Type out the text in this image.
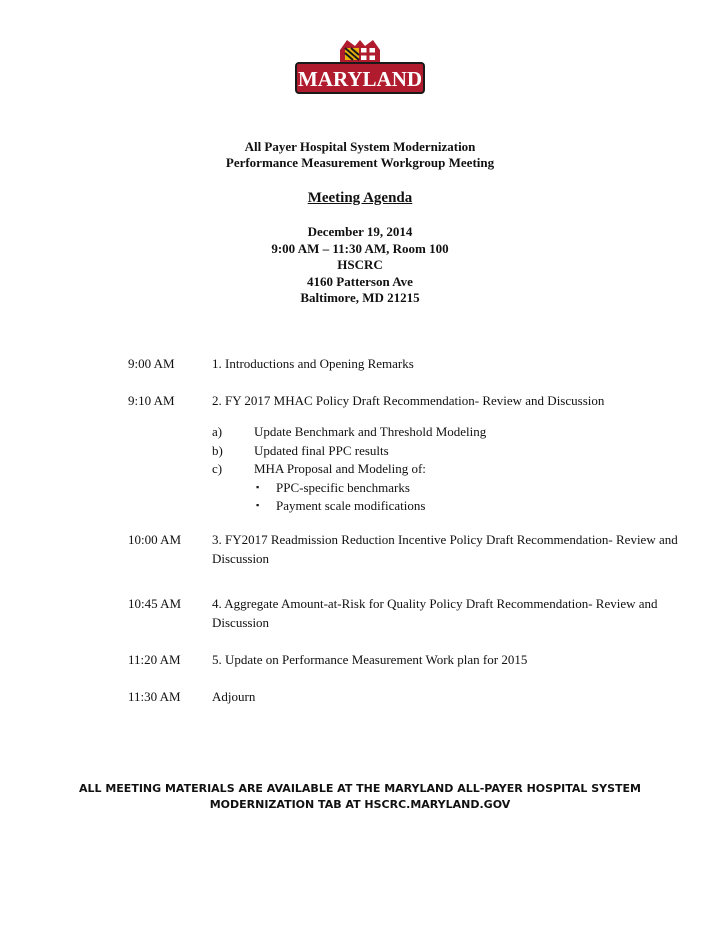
MARYLAND
All Payer Hospital System Modernization
Performance Measurement Workgroup Meeting
Meeting Agenda
December 19, 2014
9:00 AM – 11:30 AM, Room 100
HSCRC
4160 Patterson Ave
Baltimore, MD 21215
9:00 AM	1. Introductions and Opening Remarks
9:10 AM	2. FY 2017 MHAC Policy Draft Recommendation- Review and Discussion
a) Update Benchmark and Threshold Modeling
b) Updated final PPC results
c) MHA Proposal and Modeling of:
▪ PPC-specific benchmarks
▪ Payment scale modifications
10:00 AM 3. FY2017 Readmission Reduction Incentive Policy Draft Recommendation- Review and Discussion
10:45 AM 4. Aggregate Amount-at-Risk for Quality Policy Draft Recommendation- Review and Discussion
11:20 AM 5. Update on Performance Measurement Work plan for 2015
11:30 AM Adjourn
ALL MEETING MATERIALS ARE AVAILABLE AT THE MARYLAND ALL-PAYER HOSPITAL SYSTEM
MODERNIZATION TAB AT HSCRC.MARYLAND.GOV
